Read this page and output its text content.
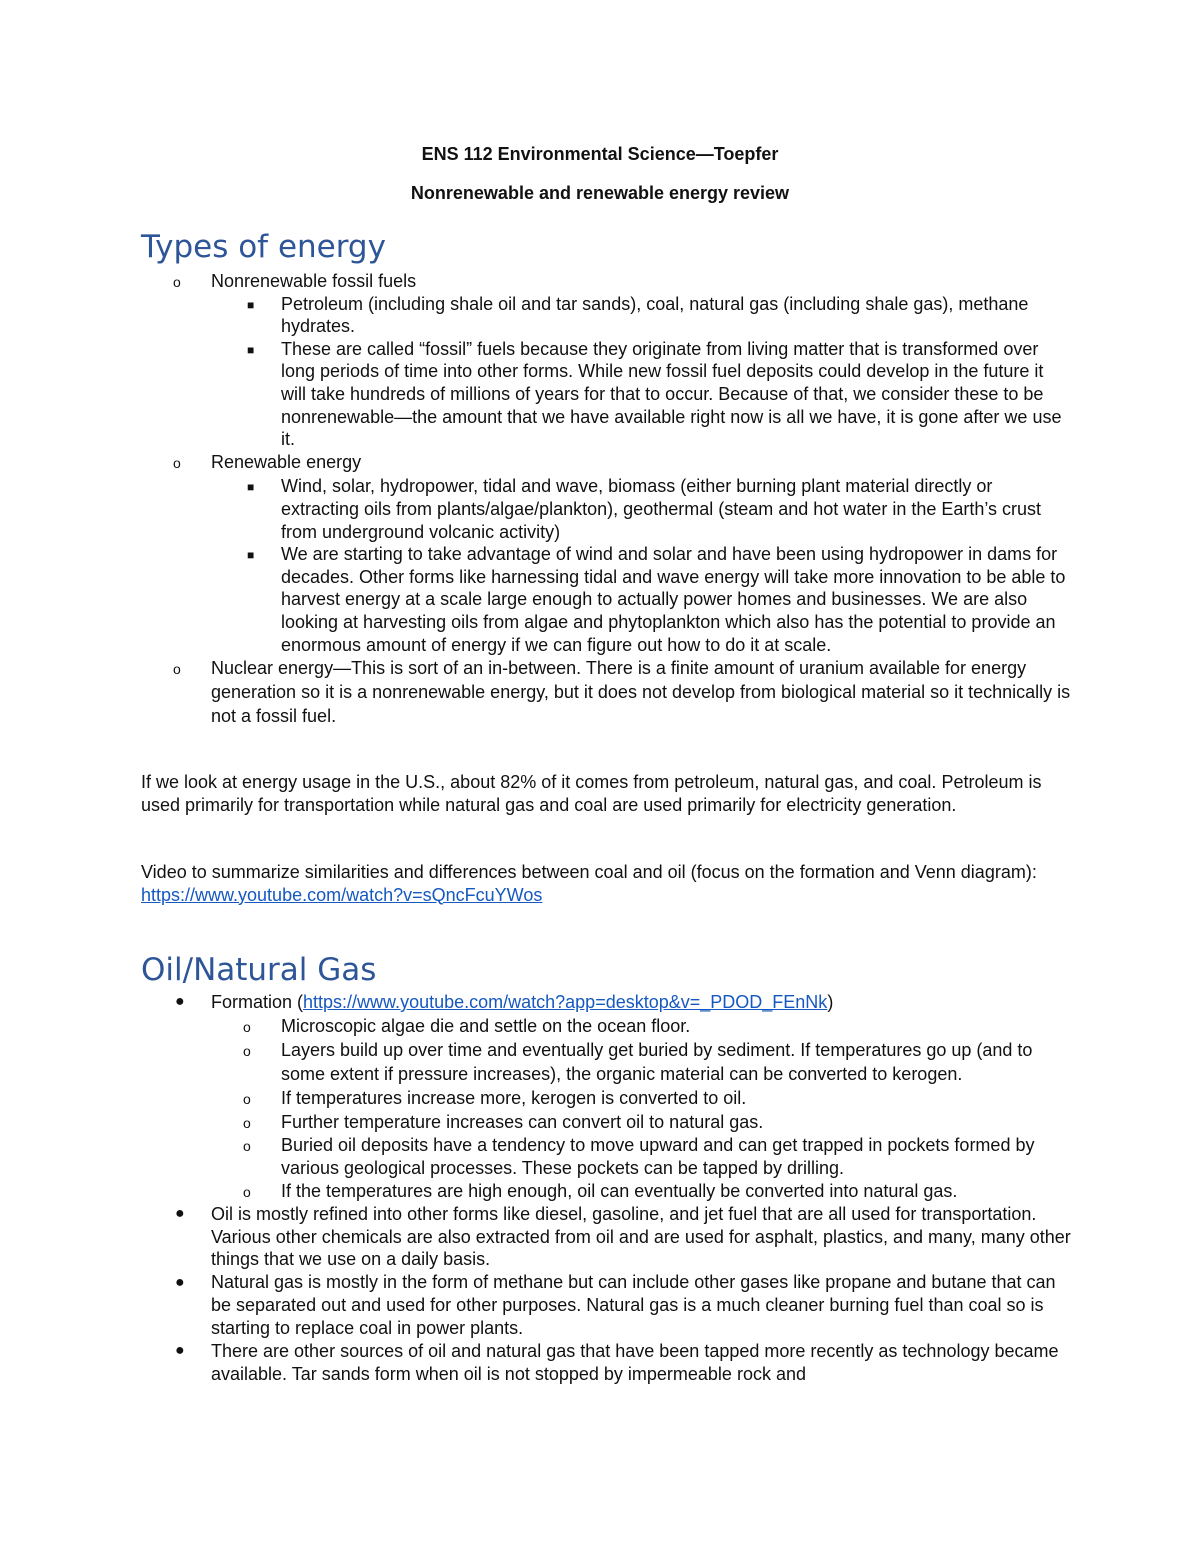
ENS 112 Environmental Science—Toepfer
Nonrenewable and renewable energy review
Types of energy
o	Nonrenewable fossil fuels
■	Petroleum (including shale oil and tar sands), coal, natural gas (including shale gas), methane hydrates.
■	These are called “fossil” fuels because they originate from living matter that is transformed over long periods of time into other forms. While new fossil fuel deposits could develop in the future it will take hundreds of millions of years for that to occur. Because of that, we consider these to be nonrenewable—the amount that we have available right now is all we have, it is gone after we use it.
o	Renewable energy
■	Wind, solar, hydropower, tidal and wave, biomass (either burning plant material directly or extracting oils from plants/algae/plankton), geothermal (steam and hot water in the Earth’s crust from underground volcanic activity)
■	We are starting to take advantage of wind and solar and have been using hydropower in dams for decades. Other forms like harnessing tidal and wave energy will take more innovation to be able to harvest energy at a scale large enough to actually power homes and businesses. We are also looking at harvesting oils from algae and phytoplankton which also has the potential to provide an enormous amount of energy if we can figure out how to do it at scale.
o	Nuclear energy—This is sort of an in-between. There is a finite amount of uranium available for energy generation so it is a nonrenewable energy, but it does not develop from biological material so it technically is not a fossil fuel.

If we look at energy usage in the U.S., about 82% of it comes from petroleum, natural gas, and coal. Petroleum is used primarily for transportation while natural gas and coal are used primarily for electricity generation.

Video to summarize similarities and differences between coal and oil (focus on the formation and Venn diagram): https://www.youtube.com/watch?v=sQncFcuYWos

Oil/Natural Gas
●	Formation (https://www.youtube.com/watch?app=desktop&v=_PDOD_FEnNk)
o	Microscopic algae die and settle on the ocean floor.
o	Layers build up over time and eventually get buried by sediment. If temperatures go up (and to some extent if pressure increases), the organic material can be converted to kerogen.
o	If temperatures increase more, kerogen is converted to oil.
o	Further temperature increases can convert oil to natural gas.
o	Buried oil deposits have a tendency to move upward and can get trapped in pockets formed by various geological processes. These pockets can be tapped by drilling.
o	If the temperatures are high enough, oil can eventually be converted into natural gas.
●	Oil is mostly refined into other forms like diesel, gasoline, and jet fuel that are all used for transportation. Various other chemicals are also extracted from oil and are used for asphalt, plastics, and many, many other things that we use on a daily basis.
●	Natural gas is mostly in the form of methane but can include other gases like propane and butane that can be separated out and used for other purposes. Natural gas is a much cleaner burning fuel than coal so is starting to replace coal in power plants.
●	There are other sources of oil and natural gas that have been tapped more recently as technology became available. Tar sands form when oil is not stopped by impermeable rock and
